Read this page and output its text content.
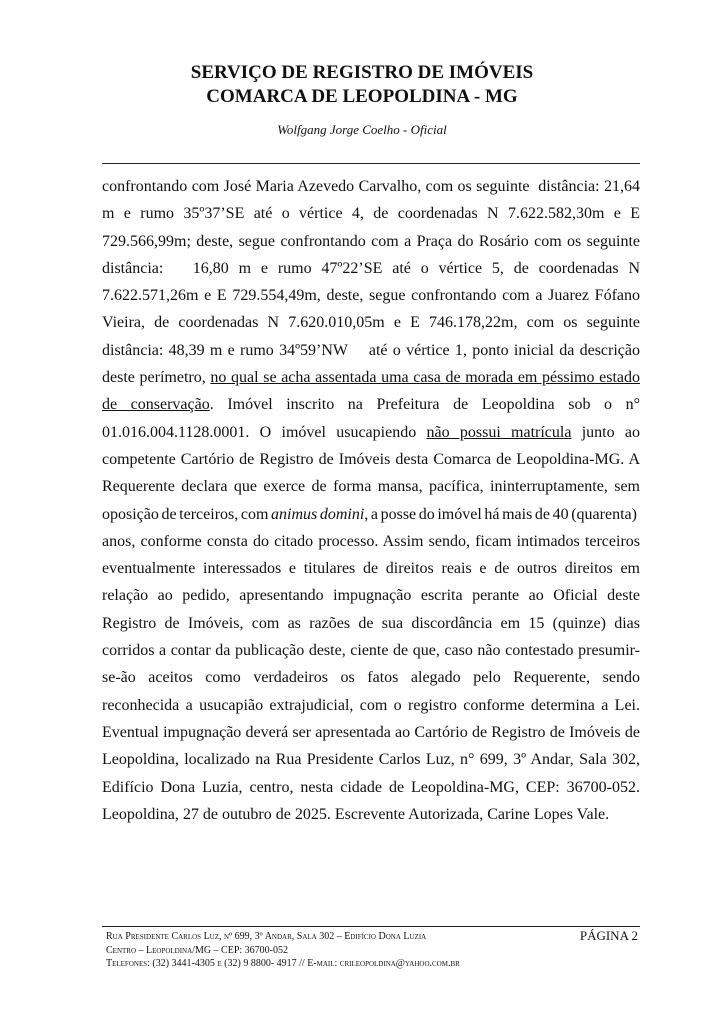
SERVIÇO DE REGISTRO DE IMÓVEIS
COMARCA DE LEOPOLDINA - MG
Wolfgang Jorge Coelho - Oficial
confrontando com José Maria Azevedo Carvalho, com os seguinte  distância: 21,64
m e rumo 35º37’SE até o vértice 4, de coordenadas N 7.622.582,30m e E
729.566,99m; deste, segue confrontando com a Praça do Rosário com os seguinte
distância:   16,80 m e rumo 47º22’SE até o vértice 5, de coordenadas N
7.622.571,26m e E 729.554,49m, deste, segue confrontando com a Juarez Fófano
Vieira, de coordenadas N 7.620.010,05m e E 746.178,22m, com os seguinte
distância: 48,39 m e rumo 34º59’NW    até o vértice 1, ponto inicial da descrição
deste perímetro, no qual se acha assentada uma casa de morada em péssimo estado
de conservação. Imóvel inscrito na Prefeitura de Leopoldina sob o n°
01.016.004.1128.0001. O imóvel usucapiendo não possui matrícula junto ao
competente Cartório de Registro de Imóveis desta Comarca de Leopoldina-MG. A
Requerente declara que exerce de forma mansa, pacífica, ininterruptamente, sem
oposição de terceiros, com animus domini, a posse do imóvel há mais de 40 (quarenta)
anos, conforme consta do citado processo. Assim sendo, ficam intimados terceiros
eventualmente interessados e titulares de direitos reais e de outros direitos em
relação ao pedido, apresentando impugnação escrita perante ao Oficial deste
Registro de Imóveis, com as razões de sua discordância em 15 (quinze) dias
corridos a contar da publicação deste, ciente de que, caso não contestado presumir-
se-ão aceitos como verdadeiros os fatos alegado pelo Requerente, sendo
reconhecida a usucapião extrajudicial, com o registro conforme determina a Lei.
Eventual impugnação deverá ser apresentada ao Cartório de Registro de Imóveis de
Leopoldina, localizado na Rua Presidente Carlos Luz, n° 699, 3º Andar, Sala 302,
Edifício Dona Luzia, centro, nesta cidade de Leopoldina-MG, CEP: 36700-052.
Leopoldina, 27 de outubro de 2025. Escrevente Autorizada, Carine Lopes Vale.
Rua Presidente Carlos Luz, nº 699, 3º Andar, Sala 302 – Edifício Dona Luzia
Centro – Leopoldina/MG – CEP: 36700-052
Telefones: (32) 3441-4305 e (32) 9 8800- 4917 // E-mail: crileopoldina@yahoo.com.br
PÁGINA 2
